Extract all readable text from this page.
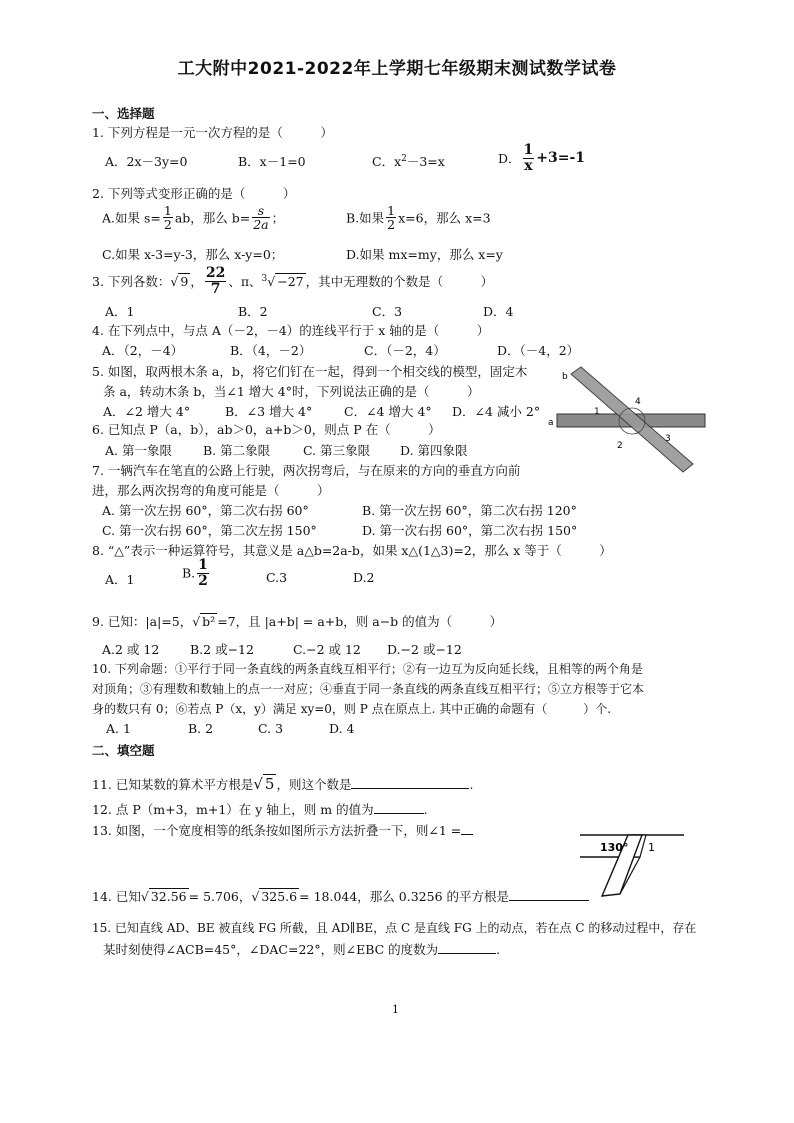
工大附中2021-2022年上学期七年级期末测试数学试卷
一、选择题
1. 下列方程是一元一次方程的是（　　　）
A．2x－3y=0	B．x－1=0	C．$x^2-3=x$	D． $\frac{1}{x} +3=-1$
2. 下列等式变形正确的是（　　　）
A.如果 $s= \frac{1}{2}$ ab，那么 $b= \frac{s}{2a}$ ；	B.如果 $\frac{1}{2} x=6$，那么 x=3
C.如果 x-3=y-3，那么 x-y=0；	D.如果 mx=my，那么 x=y
3. 下列各数：√ 9 ， $\frac{22}{7}$ 、π、$^3$√ −27 ，其中无理数的个数是（　　　）
A．1	B．2	C．3	D．4
4. 在下列点中，与点 A（－2，－4）的连线平行于 x 轴的是（　　　）
A．（2，－4）	B．（4，－2）	C．（－2，4）	D．（－4，2）
5. 如图，取两根木条 a，b，将它们钉在一起，得到一个相交线的模型，固定木
条 a，转动木条 b，当∠1 增大 4°时，下列说法正确的是（　　　）
A．∠2 增大 4°	B．∠3 增大 4°	C．∠4 增大 4° D．∠4 减小 2°
a
b
1
2
3
4
6. 已知点 P（a，b），ab＞0，a+b＞0，则点 P 在（　　　）
A. 第一象限 B. 第二象限	C. 第三象限 D. 第四象限
7. 一辆汽车在笔直的公路上行驶，两次拐弯后，与在原来的方向的垂直方向前
进，那么两次拐弯的角度可能是（　　　）
A. 第一次左拐 60°，第二次右拐 60°	B. 第一次左拐 60°，第二次右拐 120°
C. 第一次右拐 60°，第二次左拐 150°	D. 第一次右拐 60°，第二次右拐 150°
8. “△”表示一种运算符号，其意义是 a△b=2a-b，如果 x△(1△3)=2，那么 x 等于（　　　）
A．1	B. $\frac{1}{2}$	C.3	D.2
9. 已知：|a|=5，√ b² =7，且 |a+b| = a+b，则 a−b 的值为（　　　）
A.2 或 12 B.2 或−12	C.−2 或 12 D.−2 或−12
10. 下列命题：①平行于同一条直线的两条直线互相平行；②有一边互为反向延长线，且相等的两个角是
对顶角；③有理数和数轴上的点一一对应；④垂直于同一条直线的两条直线互相平行；⑤立方根等于它本
身的数只有 0；⑥若点 P（x，y）满足 xy=0，则 P 点在原点上. 其中正确的命题有（　　　）个.
A. 1	B. 2	C. 3	D. 4
二、填空题
11. 已知某数的算术平方根是√ 5 ，则这个数是	.
12. 点 P（m+3，m+1）在 y 轴上，则 m 的值为	.
13. 如图，一个宽度相等的纸条按如图所示方法折叠一下，则∠1 =
130° 1
14. 已知√ 32.56 = 5.706，√ 325.6 = 18.044，那么 0.3256 的平方根是
15. 已知直线 AD、BE 被直线 FG 所截，且 AD∥BE，点 C 是直线 FG 上的动点，若在点 C 的移动过程中，存在
某时刻使得∠ACB=45°，∠DAC=22°，则∠EBC 的度数为	.
1
